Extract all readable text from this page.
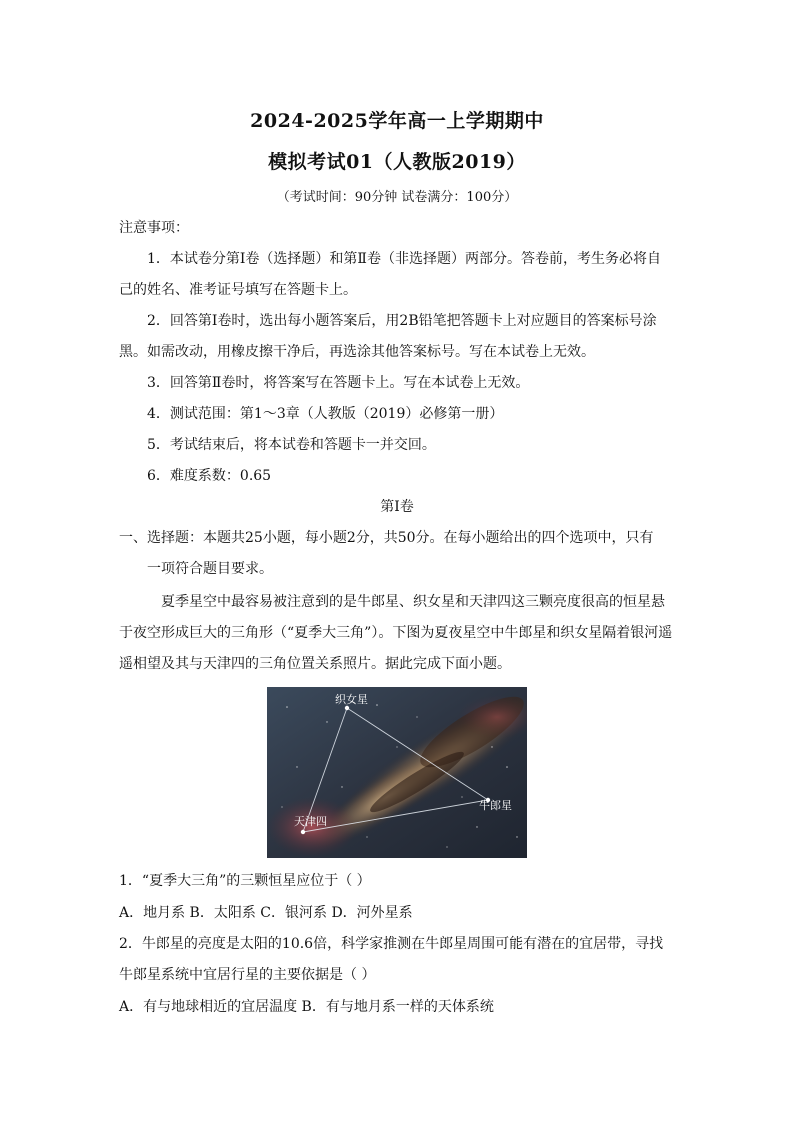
2024-2025学年高一上学期期中
模拟考试01（人教版2019）
（考试时间：90分钟 试卷满分：100分）
注意事项：
1．本试卷分第Ⅰ卷（选择题）和第Ⅱ卷（非选择题）两部分。答卷前，考生务必将自
己的姓名、准考证号填写在答题卡上。
2．回答第Ⅰ卷时，选出每小题答案后，用2B铅笔把答题卡上对应题目的答案标号涂
黑。如需改动，用橡皮擦干净后，再选涂其他答案标号。写在本试卷上无效。
3．回答第Ⅱ卷时，将答案写在答题卡上。写在本试卷上无效。
4．测试范围：第1～3章（人教版（2019）必修第一册）
5．考试结束后，将本试卷和答题卡一并交回。
6．难度系数：0.65
第Ⅰ卷
一、选择题：本题共25小题，每小题2分，共50分。在每小题给出的四个选项中，只有
一项符合题目要求。
夏季星空中最容易被注意到的是牛郎星、织女星和天津四这三颗亮度很高的恒星悬
于夜空形成巨大的三角形（“夏季大三角”）。下图为夏夜星空中牛郎星和织女星隔着银河遥
遥相望及其与天津四的三角位置关系照片。据此完成下面小题。
织女星
牛郎星
天津四
1．“夏季大三角”的三颗恒星应位于（ ）
A．地月系 B．太阳系 C．银河系 D．河外星系
2．牛郎星的亮度是太阳的10.6倍，科学家推测在牛郎星周围可能有潜在的宜居带，寻找
牛郎星系统中宜居行星的主要依据是（ ）
A．有与地球相近的宜居温度 B．有与地月系一样的天体系统
